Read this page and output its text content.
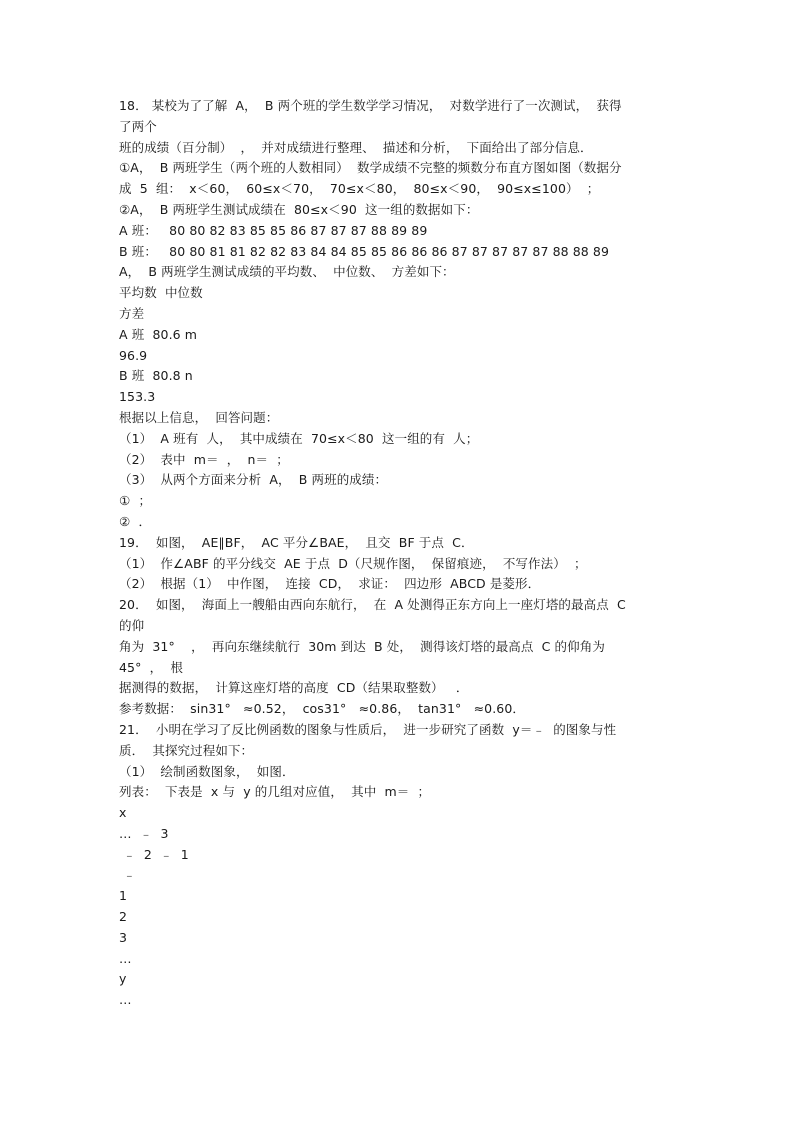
18． 某校为了了解  A，  B 两个班的学生数学学习情况，  对数学进行了一次测试，  获得
了两个
班的成绩（百分制）  ，  并对成绩进行整理、  描述和分析，  下面给出了部分信息．
①A，  B 两班学生（两个班的人数相同）  数学成绩不完整的频数分布直方图如图（数据分
成  5  组：  x＜60，  60≤x＜70，  70≤x＜80，  80≤x＜90，  90≤x≤100）  ；
②A，  B 两班学生测试成绩在  80≤x＜90  这一组的数据如下：
A 班：   80 80 82 83 85 85 86 87 87 87 88 89 89
B 班：   80 80 81 81 82 82 83 84 84 85 85 86 86 86 87 87 87 87 87 88 88 89
A，  B 两班学生测试成绩的平均数、  中位数、  方差如下：
平均数  中位数
方差
A 班  80.6 m
96.9
B 班  80.8 n
153.3
根据以上信息，  回答问题：
（1）  A 班有  人，  其中成绩在  70≤x＜80  这一组的有  人；
（2）  表中  m＝  ，  n＝  ；
（3）  从两个方面来分析  A，  B 两班的成绩：
①  ；
②  ．
19．  如图，  AE∥BF，  AC 平分∠BAE，  且交  BF 于点  C．
（1）  作∠ABF 的平分线交  AE 于点  D（尺规作图，  保留痕迹，  不写作法）  ；
（2）  根据（1）  中作图，  连接  CD，  求证：  四边形  ABCD 是菱形．
20．  如图，  海面上一艘船由西向东航行，  在  A 处测得正东方向上一座灯塔的最高点  C
的仰
角为  31°    ，  再向东继续航行  30m 到达  B 处，  测得该灯塔的最高点  C 的仰角为
45°  ，  根
据测得的数据，  计算这座灯塔的高度  CD（结果取整数）   ．
参考数据：  sin31°   ≈0.52，  cos31°   ≈0.86，  tan31°   ≈0.60．
21．  小明在学习了反比例函数的图象与性质后，  进一步研究了函数  y＝﹣  的图象与性
质．  其探究过程如下：
（1）  绘制函数图象，  如图．
列表：  下表是  x 与  y 的几组对应值，  其中  m＝  ；
x
…  ﹣  3
﹣  2  ﹣  1
﹣
1
2
3
…
y
…
